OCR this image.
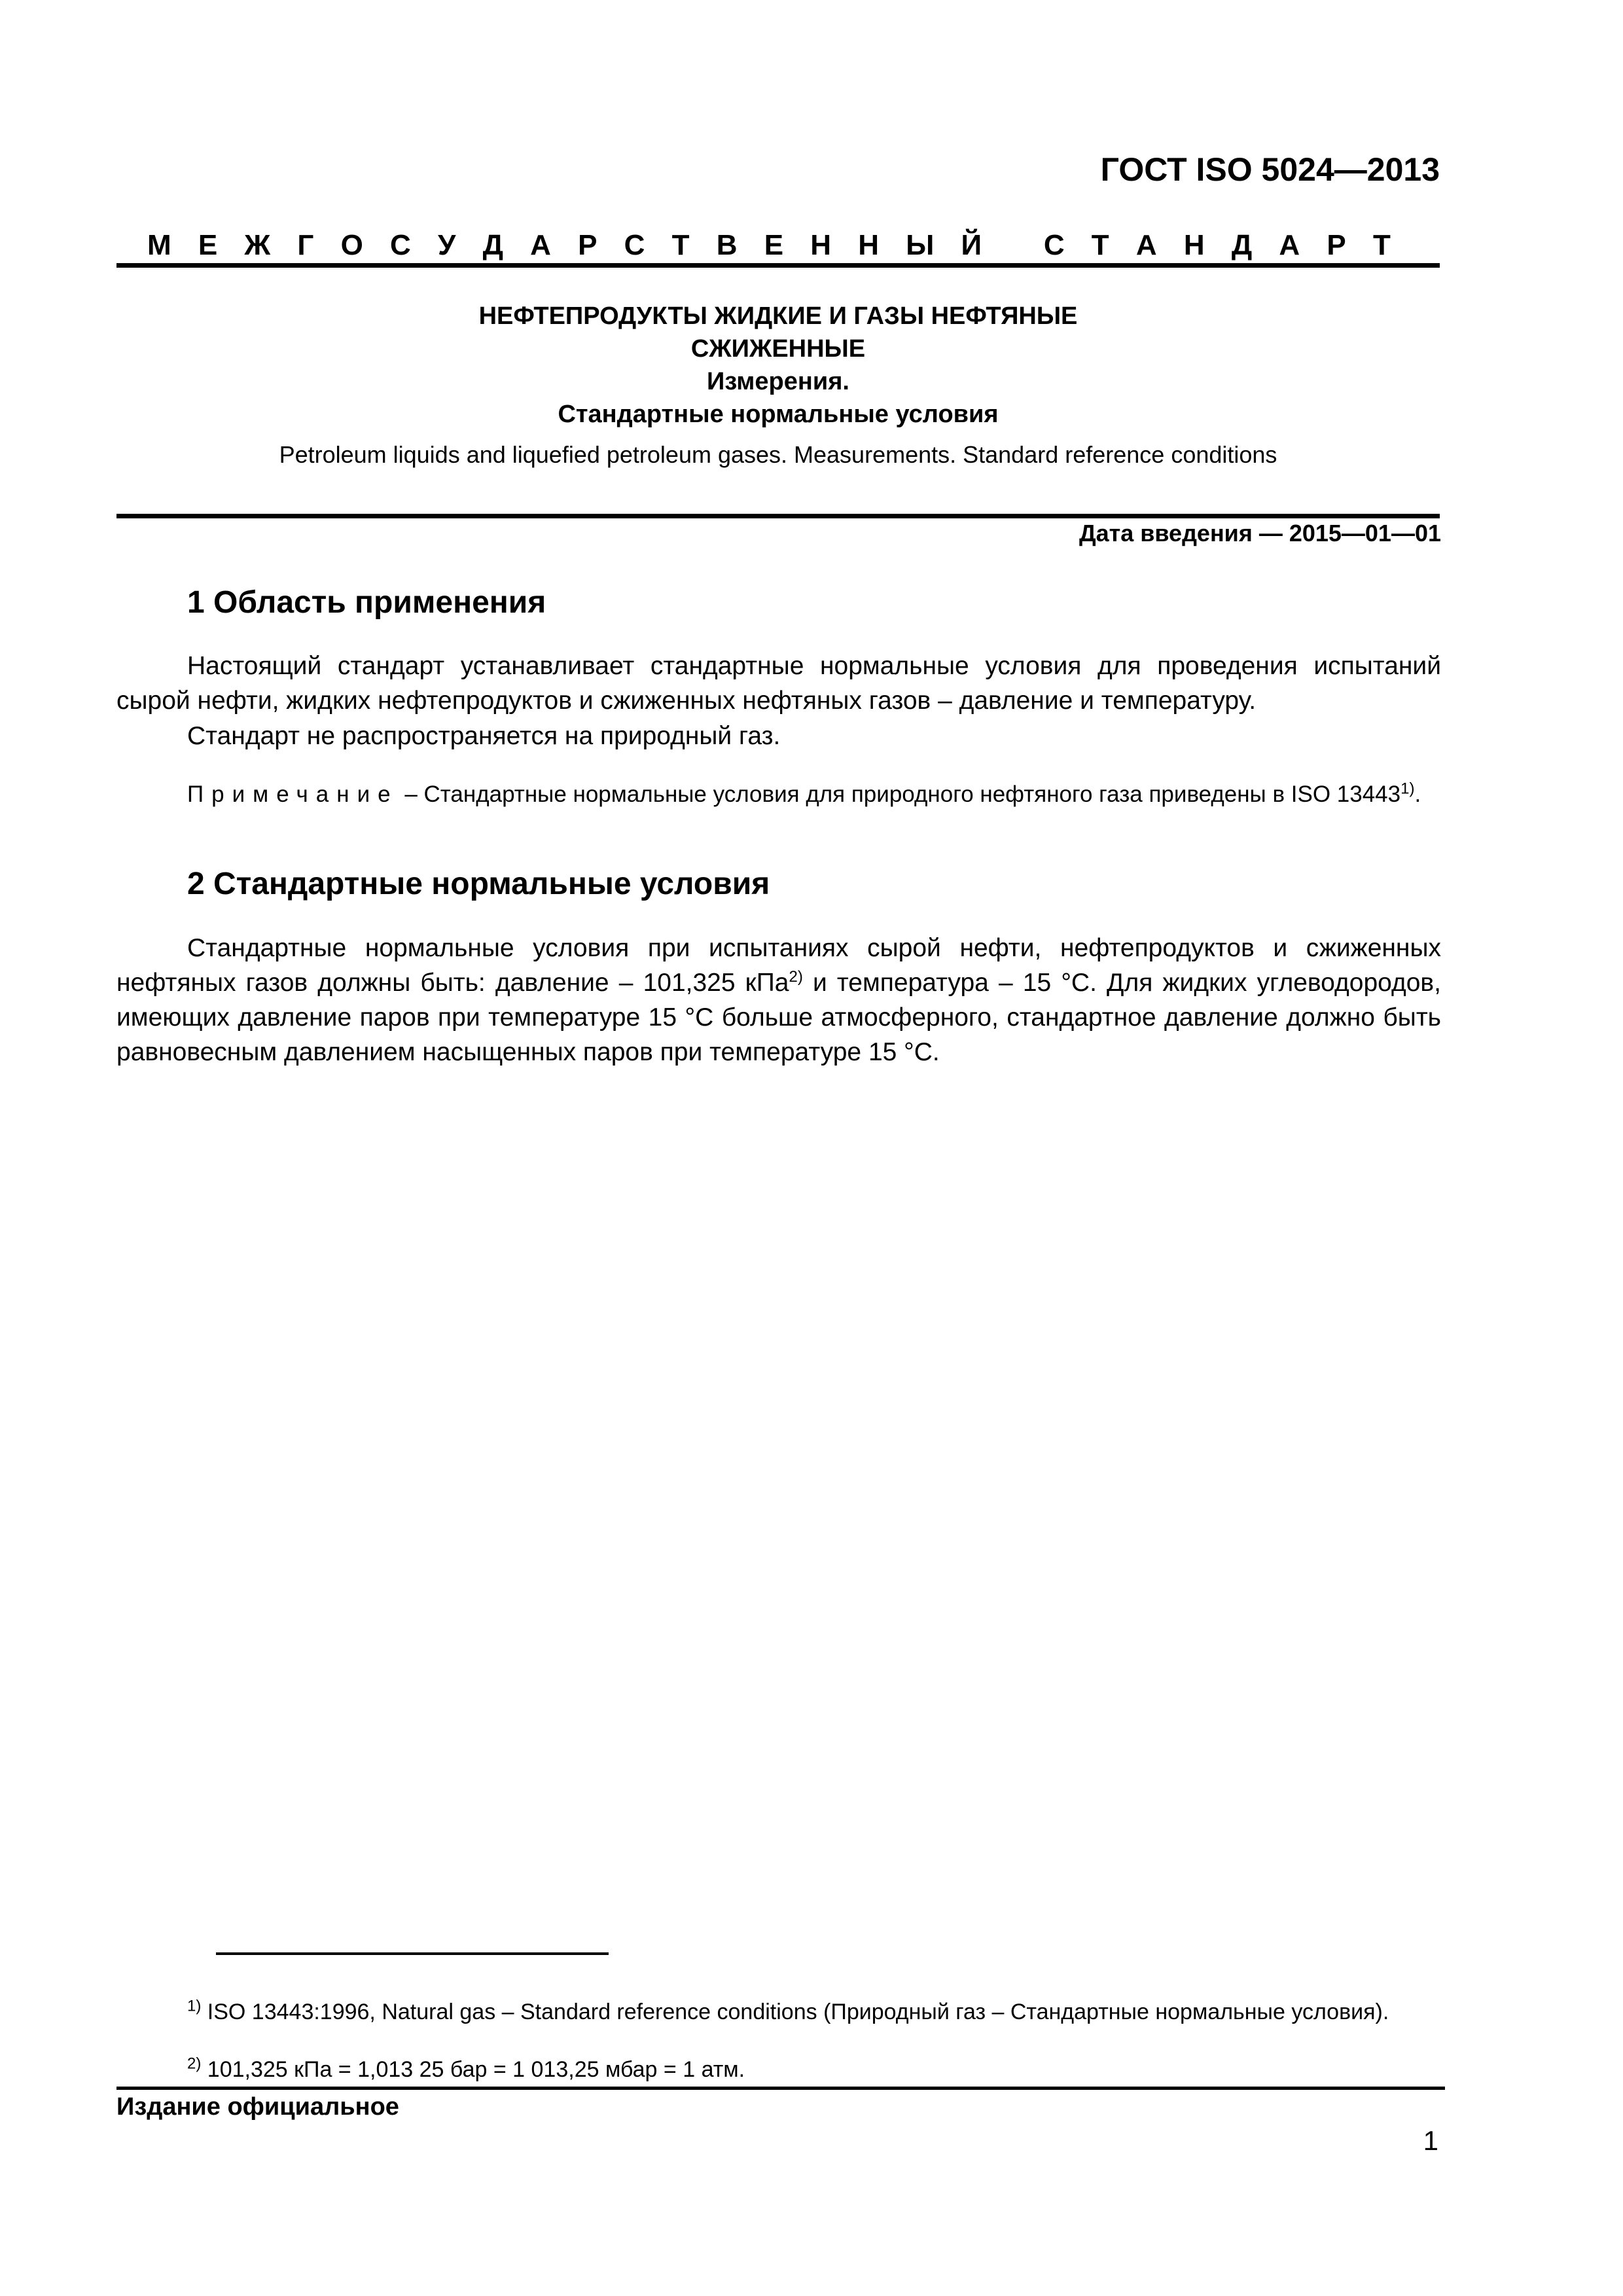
ГОСТ ISO 5024—2013
М Е Ж Г О С У Д А Р С Т В Е Н Н Ы Й
С Т А Н Д А Р Т
НЕФТЕПРОДУКТЫ ЖИДКИЕ И ГАЗЫ НЕФТЯНЫЕ
СЖИЖЕННЫЕ
Измерения.
Стандартные нормальные условия
Petroleum liquids and liquefied petroleum gases. Measurements. Standard reference conditions
Дата введения — 2015—01—01
1 Область применения
Настоящий стандарт устанавливает стандартные нормальные условия для проведения испытаний сырой нефти, жидких нефтепродуктов и сжиженных нефтяных газов – давление и температуру.
Стандарт не распространяется на природный газ.
Примечание – Стандартные нормальные условия для природного нефтяного газа приведены в ISO 13443$^{1)}$.
2 Стандартные нормальные условия
Стандартные нормальные условия при испытаниях сырой нефти, нефтепродуктов и сжиженных нефтяных газов должны быть: давление – 101,325 кПа$^{2)}$ и температура – 15 °С. Для жидких углеводородов, имеющих давление паров при температуре 15 °С больше атмосферного, стандартное давление должно быть равновесным давлением насыщенных паров при температуре 15 °С.
$^{1)}$ ISO 13443:1996, Natural gas – Standard reference conditions (Природный газ – Стандартные нормальные условия).
$^{2)}$ 101,325 кПа = 1,013 25 бар = 1 013,25 мбар = 1 атм.
Издание официальное
1
